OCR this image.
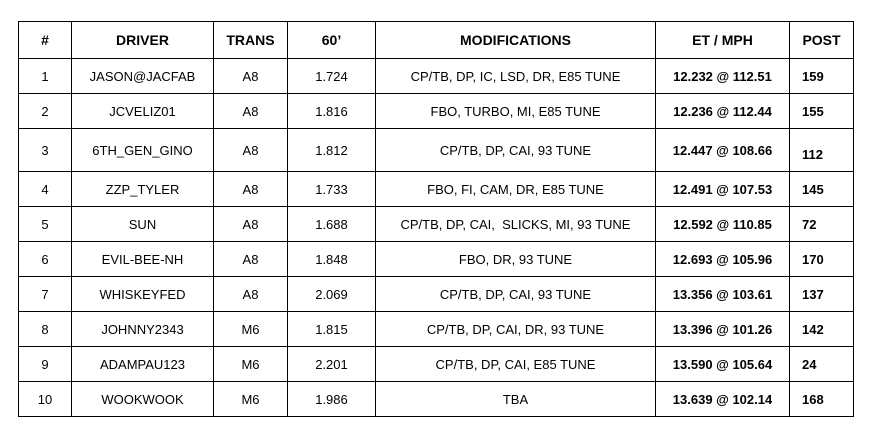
#	DRIVER	TRANS	60’	MODIFICATIONS	ET / MPH	POST
1	JASON@JACFAB	A8	1.724	CP/TB, DP, IC, LSD, DR, E85 TUNE	12.232 @ 112.51	159
2	JCVELIZ01	A8	1.816	FBO, TURBO, MI, E85 TUNE	12.236 @ 112.44	155
3	6TH_GEN_GINO	A8	1.812	CP/TB, DP, CAI, 93 TUNE	12.447 @ 108.66	112
4	ZZP_TYLER	A8	1.733	FBO, FI, CAM, DR, E85 TUNE	12.491 @ 107.53	145
5	SUN	A8	1.688	CP/TB, DP, CAI,  SLICKS, MI, 93 TUNE	12.592 @ 110.85	72
6	EVIL-BEE-NH	A8	1.848	FBO, DR, 93 TUNE	12.693 @ 105.96	170
7	WHISKEYFED	A8	2.069	CP/TB, DP, CAI, 93 TUNE	13.356 @ 103.61	137
8	JOHNNY2343	M6	1.815	CP/TB, DP, CAI, DR, 93 TUNE	13.396 @ 101.26	142
9	ADAMPAU123	M6	2.201	CP/TB, DP, CAI, E85 TUNE	13.590 @ 105.64	24
10	WOOKWOOK	M6	1.986	TBA	13.639 @ 102.14	168
